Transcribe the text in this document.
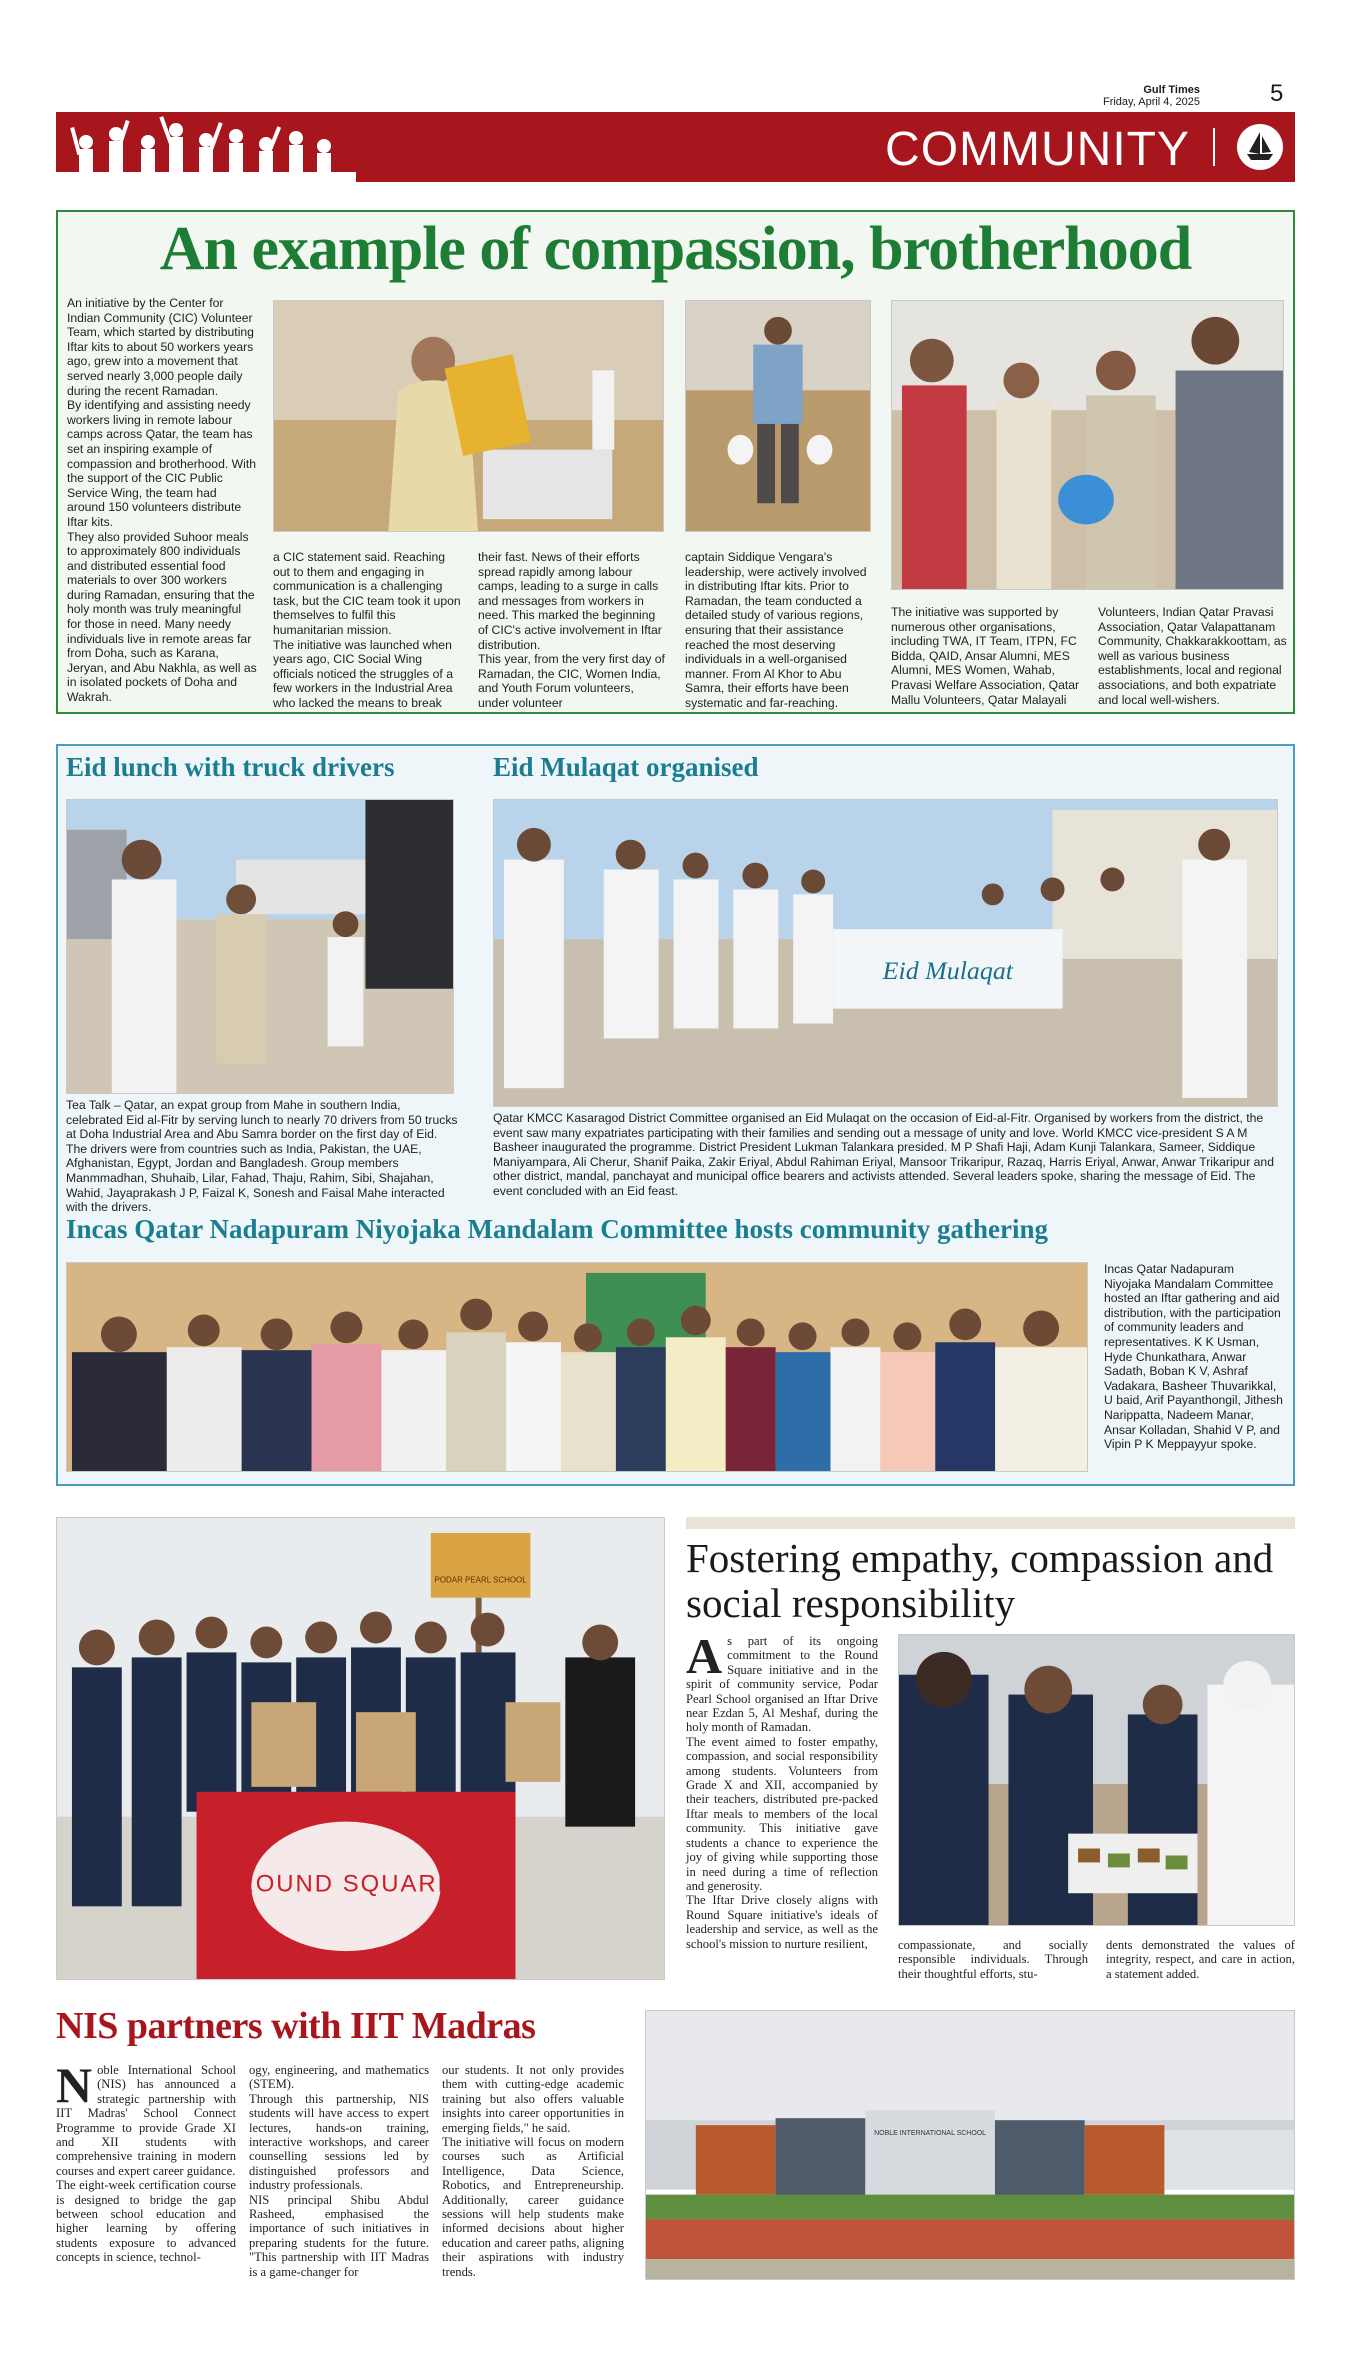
Gulf Times
Friday, April 4, 2025	5
COMMUNITY
An example of compassion, brotherhood
An initiative by the Center for Indian Community (CIC) Volunteer Team, which started by distributing Iftar kits to about 50 workers years ago, grew into a movement that served nearly 3,000 people daily during the recent Ramadan.
By identifying and assisting needy workers living in remote labour camps across Qatar, the team has set an inspiring example of compassion and brotherhood. With the support of the CIC Public Service Wing, the team had around 150 volunteers distribute Iftar kits.
They also provided Suhoor meals to approximately 800 individuals and distributed essential food materials to over 300 workers during Ramadan, ensuring that the holy month was truly meaningful for those in need. Many needy individuals live in remote areas far from Doha, such as Karana, Jeryan, and Abu Nakhla, as well as in isolated pockets of Doha and Wakrah.
a CIC statement said. Reaching out to them and engaging in communication is a challenging task, but the CIC team took it upon themselves to fulfil this humanitarian mission.
The initiative was launched when years ago, CIC Social Wing officials noticed the struggles of a few workers in the Industrial Area who lacked the means to break
their fast. News of their efforts spread rapidly among labour camps, leading to a surge in calls and messages from workers in need. This marked the beginning of CIC's active involvement in Iftar distribution.
This year, from the very first day of Ramadan, the CIC, Women India, and Youth Forum volunteers, under volunteer
captain Siddique Vengara's leadership, were actively involved in distributing Iftar kits. Prior to Ramadan, the team conducted a detailed study of various regions, ensuring that their assistance reached the most deserving individuals in a well-organised manner. From Al Khor to Abu Samra, their efforts have been systematic and far-reaching.
The initiative was supported by numerous other organisations, including TWA, IT Team, ITPN, FC Bidda, QAID, Ansar Alumni, MES Alumni, MES Women, Wahab, Pravasi Welfare Association, Qatar Mallu Volunteers, Qatar Malayali
Volunteers, Indian Qatar Pravasi Association, Qatar Valapattanam Community, Chakkarakkoottam, as well as various business establishments, local and regional associations, and both expatriate and local well-wishers.
Eid lunch with truck drivers
Tea Talk – Qatar, an expat group from Mahe in southern India, celebrated Eid al-Fitr by serving lunch to nearly 70 drivers from 50 trucks at Doha Industrial Area and Abu Samra border on the first day of Eid. The drivers were from countries such as India, Pakistan, the UAE, Afghanistan, Egypt, Jordan and Bangladesh. Group members Manmmadhan, Shuhaib, Lilar, Fahad, Thaju, Rahim, Sibi, Shajahan, Wahid, Jayaprakash J P, Faizal K, Sonesh and Faisal Mahe interacted with the drivers.
Eid Mulaqat organised
Eid Mulaqat
Qatar KMCC Kasaragod District Committee organised an Eid Mulaqat on the occasion of Eid-al-Fitr. Organised by workers from the district, the event saw many expatriates participating with their families and sending out a message of unity and love. World KMCC vice-president S A M Basheer inaugurated the programme. District President Lukman Talankara presided. M P Shafi Haji, Adam Kunji Talankara, Sameer, Siddique Maniyampara, Ali Cherur, Shanif Paika, Zakir Eriyal, Abdul Rahiman Eriyal, Mansoor Trikaripur, Razaq, Harris Eriyal, Anwar, Anwar Trikaripur and other district, mandal, panchayat and municipal office bearers and activists attended. Several leaders spoke, sharing the message of Eid. The event concluded with an Eid feast.
Incas Qatar Nadapuram Niyojaka Mandalam Committee hosts community gathering
Incas Qatar Nadapuram Niyojaka Mandalam Committee hosted an Iftar gathering and aid distribution, with the participation of community leaders and representatives. K K Usman, Hyde Chunkathara, Anwar Sadath, Boban K V, Ashraf Vadakara, Basheer Thuvarikkal, U baid, Arif Payanthongil, Jithesh Narippatta, Nadeem Manar, Ansar Kolladan, Shahid V P, and Vipin P K Meppayyur spoke.
PODAR PEARL SCHOOL
ROUND SQUARE
Fostering empathy, compassion and social responsibility
As part of its ongoing commitment to the Round Square initiative and in the spirit of community service, Podar Pearl School organised an Iftar Drive near Ezdan 5, Al Meshaf, during the holy month of Ramadan.
The event aimed to foster empathy, compassion, and social responsibility among students. Volunteers from Grade X and XII, accompanied by their teachers, distributed pre-packed Iftar meals to members of the local community. This initiative gave students a chance to experience the joy of giving while supporting those in need during a time of reflection and generosity.
The Iftar Drive closely aligns with Round Square initiative's ideals of leadership and service, as well as the school's mission to nurture resilient,	compassionate, and socially responsible individuals. Through their thoughtful efforts, stu-
dents demonstrated the values of integrity, respect, and care in action, a statement added.
NIS partners with IIT Madras
Noble International School (NIS) has announced a strategic partnership with IIT Madras' School Connect Programme to provide Grade XI and XII students with comprehensive training in modern courses and expert career guidance.
The eight-week certification course is designed to bridge the gap between school education and higher learning by offering students exposure to advanced concepts in science, technol-
ogy, engineering, and mathematics (STEM).
Through this partnership, NIS students will have access to expert lectures, hands-on training, interactive workshops, and career counselling sessions led by distinguished professors and industry professionals.
NIS principal Shibu Abdul Rasheed, emphasised the importance of such initiatives in preparing students for the future. "This partnership with IIT Madras is a game-changer for
our students. It not only provides them with cutting-edge academic training but also offers valuable insights into career opportunities in emerging fields," he said.
The initiative will focus on modern courses such as Artificial Intelligence, Data Science, Robotics, and Entrepreneurship. Additionally, career guidance sessions will help students make informed decisions about higher education and career paths, aligning their aspirations with industry trends.
NOBLE INTERNATIONAL SCHOOL
